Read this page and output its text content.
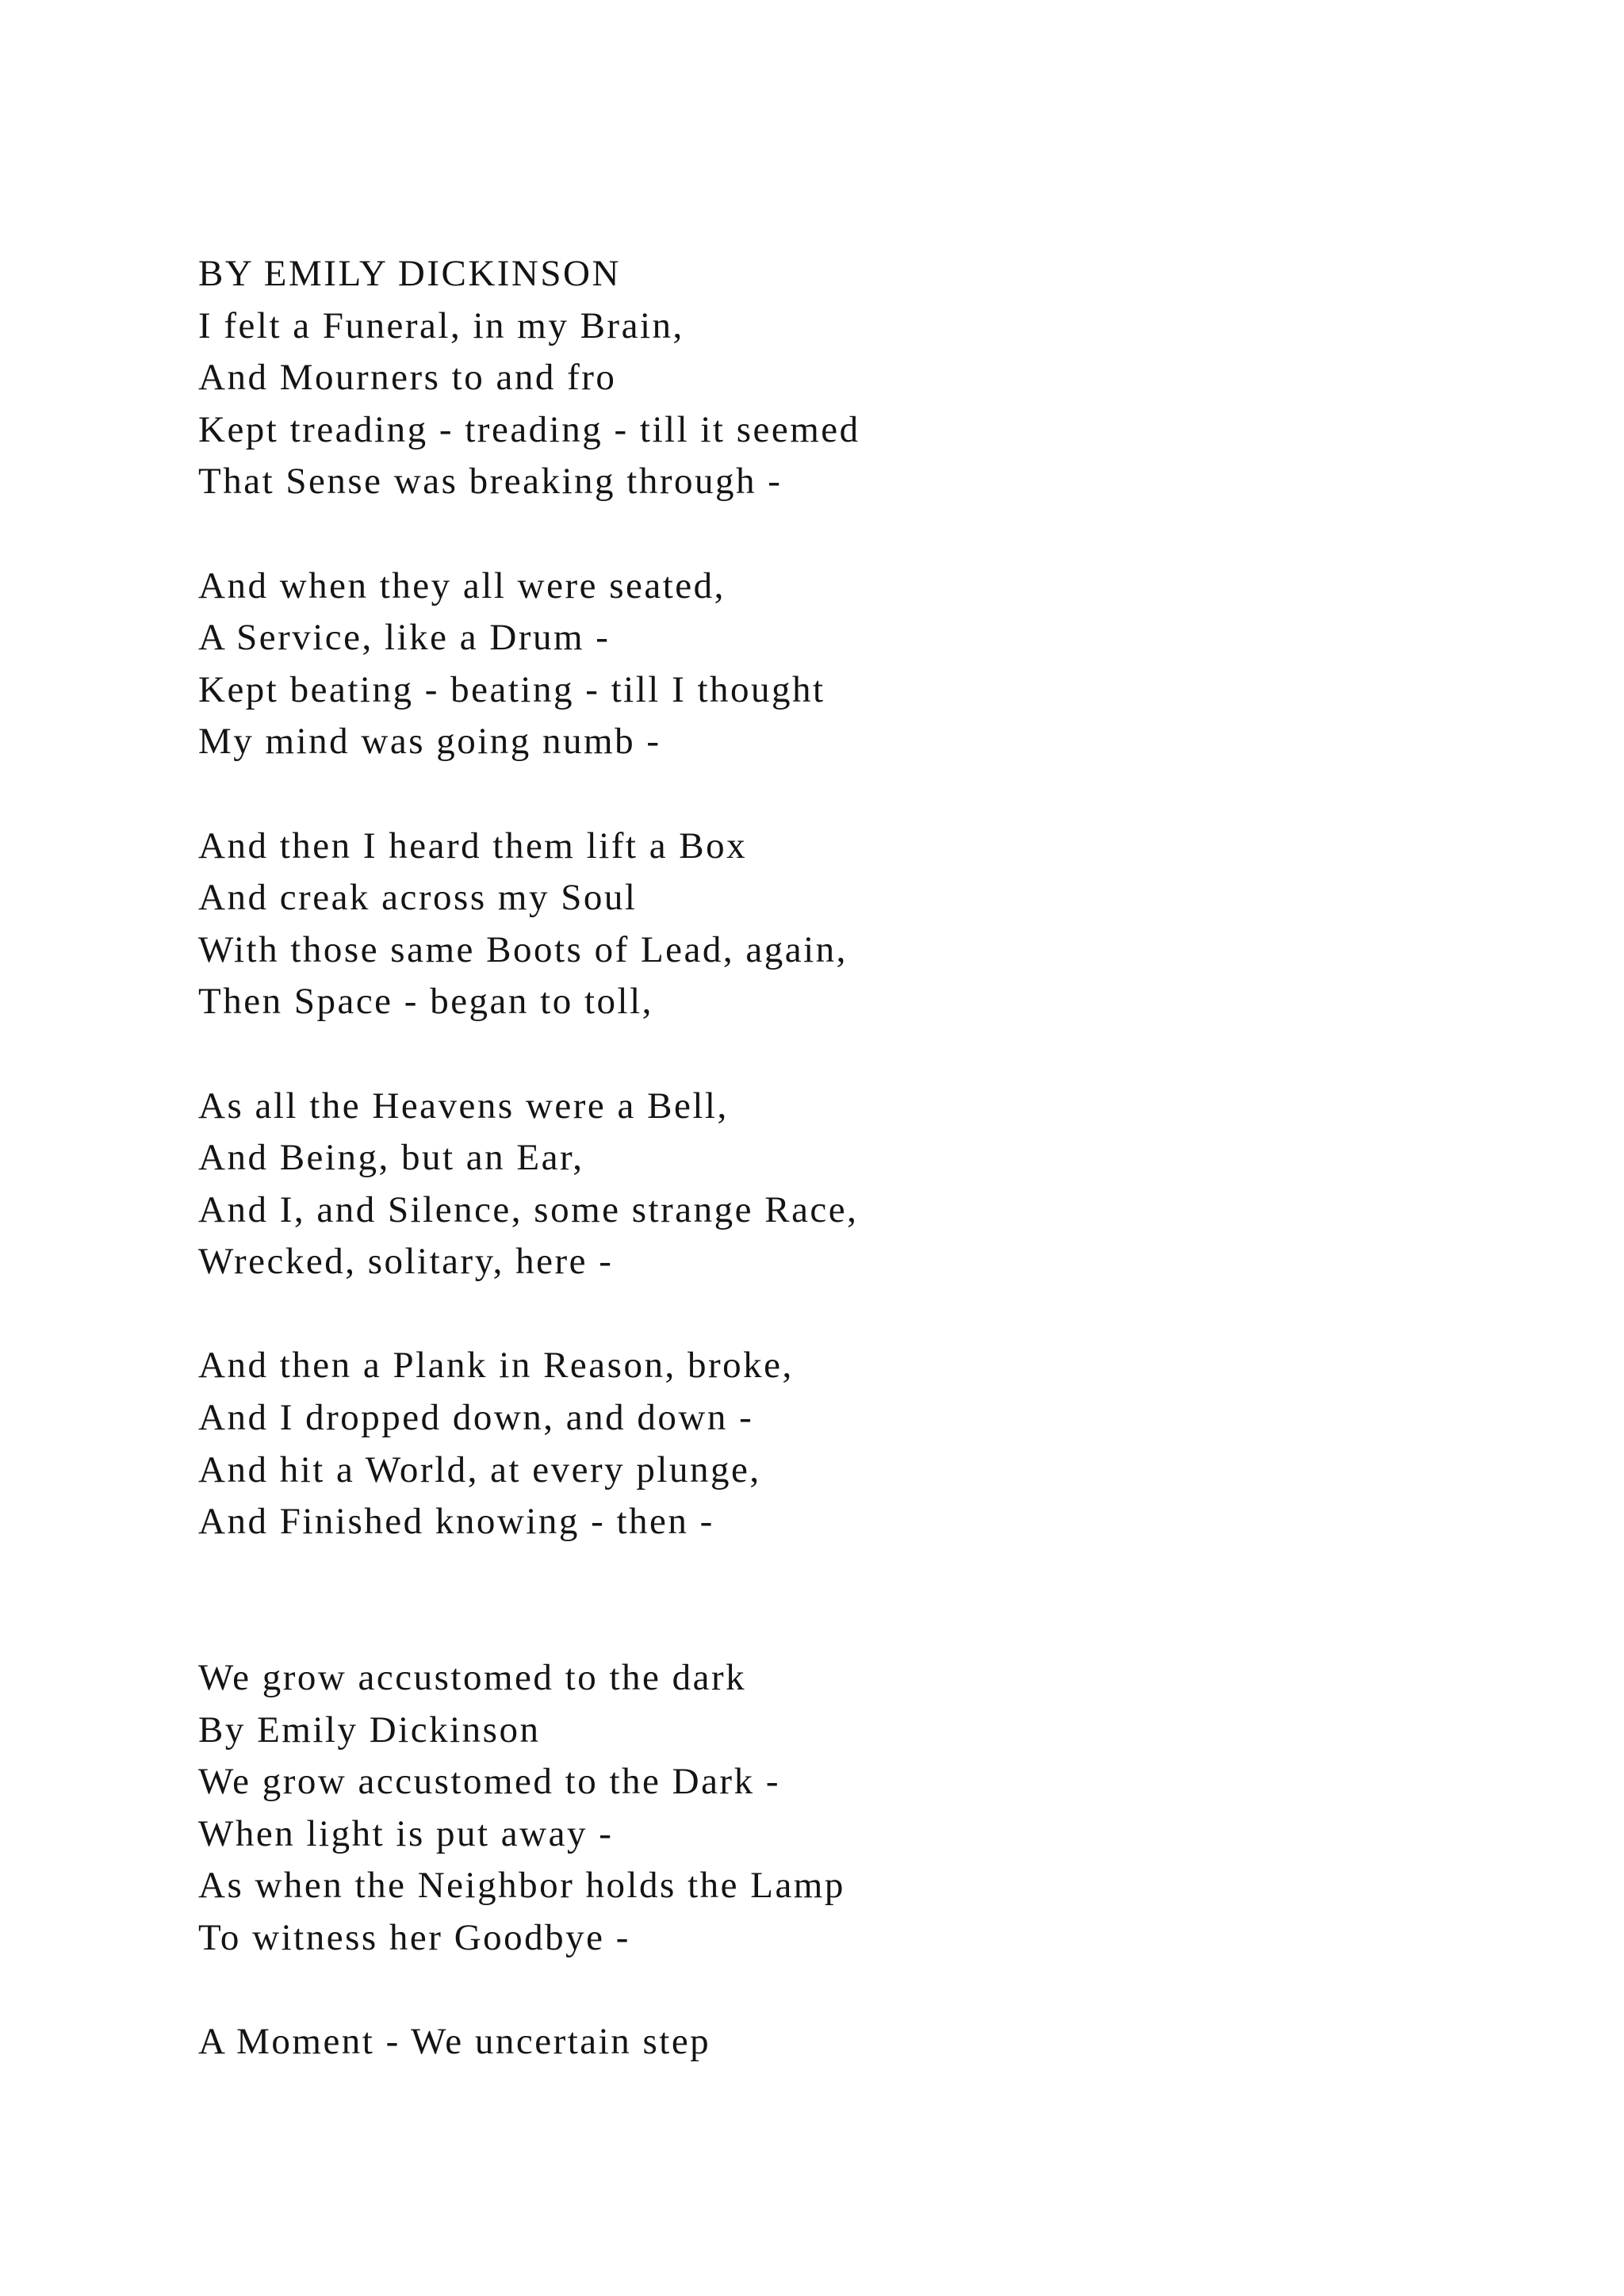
BY EMILY DICKINSON

I felt a Funeral, in my Brain,

And Mourners to and fro

Kept treading - treading - till it seemed

That Sense was breaking through -

And when they all were seated,

A Service, like a Drum -

Kept beating - beating - till I thought

My mind was going numb -

And then I heard them lift a Box

And creak across my Soul

With those same Boots of Lead, again,

Then Space - began to toll,

As all the Heavens were a Bell,

And Being, but an Ear,

And I, and Silence, some strange Race,

Wrecked, solitary, here -

And then a Plank in Reason, broke,

And I dropped down, and down -

And hit a World, at every plunge,

And Finished knowing - then -

We grow accustomed to the dark

By Emily Dickinson

We grow accustomed to the Dark -

When light is put away -

As when the Neighbor holds the Lamp

To witness her Goodbye -

A Moment - We uncertain step
